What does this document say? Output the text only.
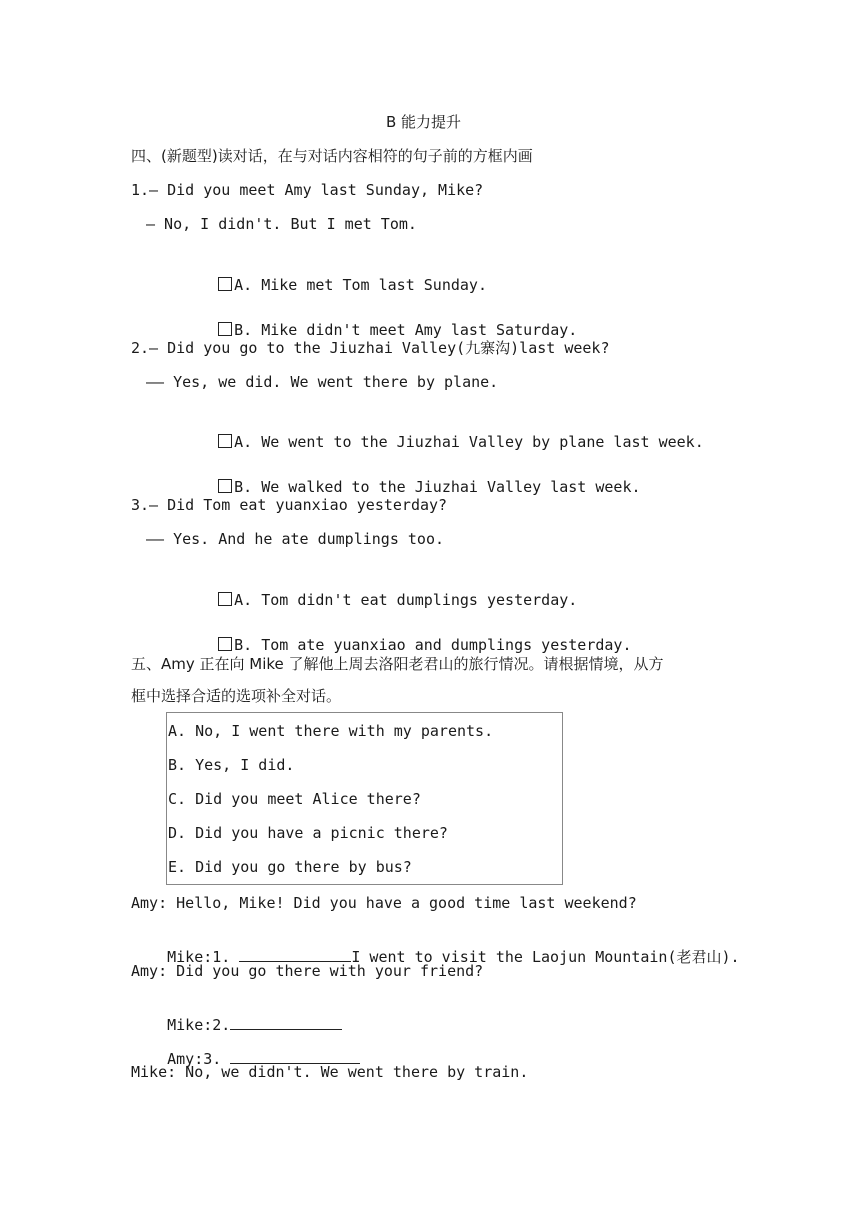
B 能力提升
四、(新题型)读对话，在与对话内容相符的句子前的方框内画
1.— Did you meet Amy last Sunday, Mike?
— No, I didn't. But I met Tom.

A. Mike met Tom last Sunday.

B. Mike didn't meet Amy last Saturday.

2.— Did you go to the Jiuzhai Valley(九寨沟)last week?
—— Yes, we did. We went there by plane.

A. We went to the Jiuzhai Valley by plane last week.

B. We walked to the Jiuzhai Valley last week.

3.— Did Tom eat yuanxiao yesterday?
—— Yes. And he ate dumplings too.

A. Tom didn't eat dumplings yesterday.

B. Tom ate yuanxiao and dumplings yesterday.

五、Amy 正在向 Mike 了解他上周去洛阳老君山的旅行情况。请根据情境，从方
框中选择合适的选项补全对话。
A. No, I went there with my parents.
B. Yes, I did.
C. Did you meet Alice there?
D. Did you have a picnic there?
E. Did you go there by bus?
Amy: Hello, Mike! Did you have a good time last weekend?

Mike:1.	I went to visit the Laojun Mountain(老君山).

Amy: Did you go there with your friend?

Mike:2.

Amy:3.

Mike: No, we didn't. We went there by train.
